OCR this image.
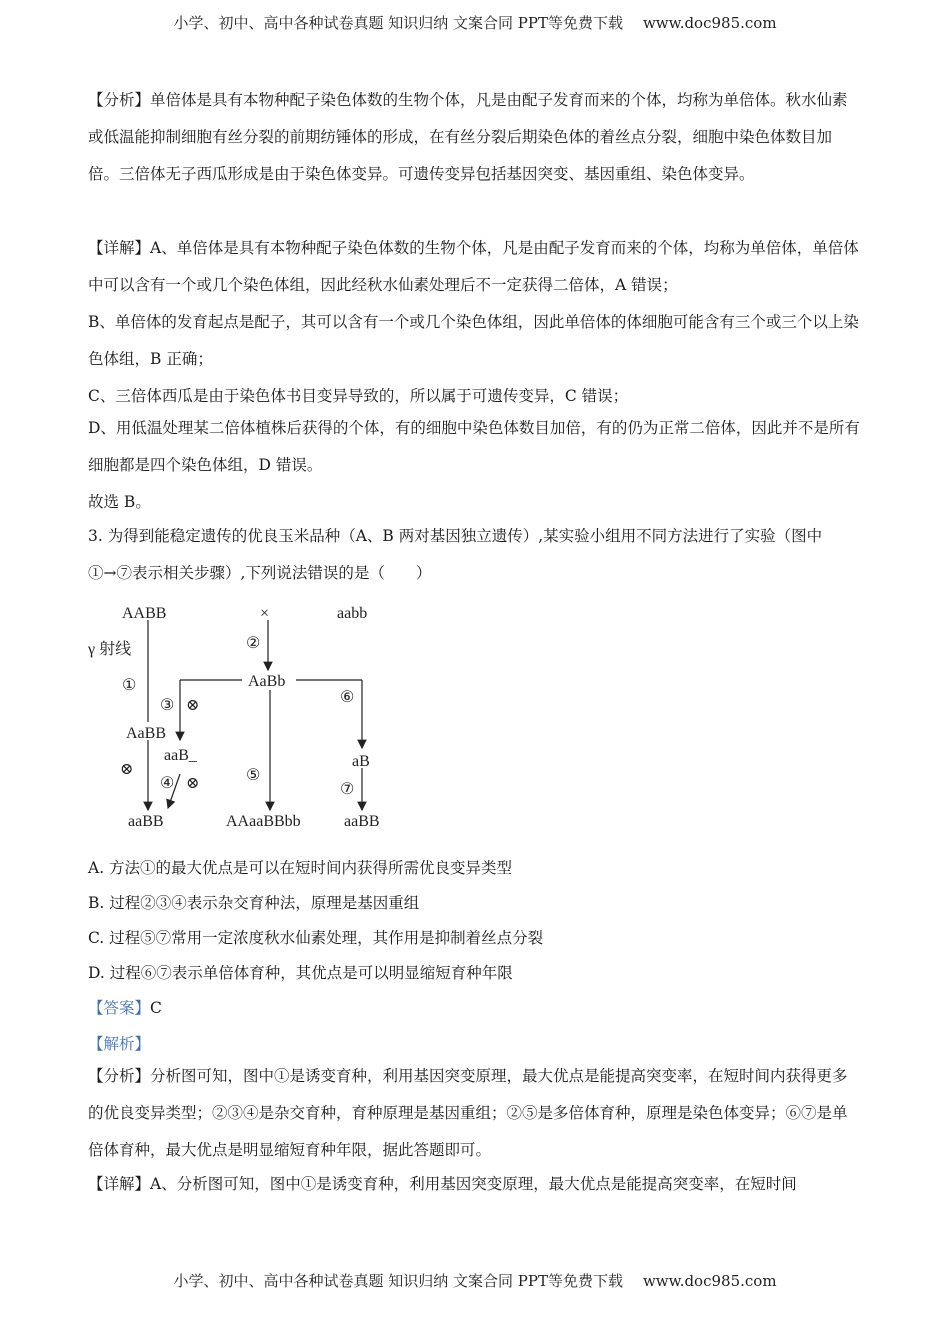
小学、初中、高中各种试卷真题 知识归纳 文案合同 PPT等免费下载 www.doc985.com
【分析】单倍体是具有本物种配子染色体数的生物个体，凡是由配子发育而来的个体，均称为单倍体。秋水仙素或低温能抑制细胞有丝分裂的前期纺锤体的形成，在有丝分裂后期染色体的着丝点分裂，细胞中染色体数目加倍。三倍体无子西瓜形成是由于染色体变异。可遗传变异包括基因突变、基因重组、染色体变异。
【详解】A、单倍体是具有本物种配子染色体数的生物个体，凡是由配子发育而来的个体，均称为单倍体，单倍体中可以含有一个或几个染色体组，因此经秋水仙素处理后不一定获得二倍体，A 错误；
B、单倍体的发育起点是配子，其可以含有一个或几个染色体组，因此单倍体的体细胞可能含有三个或三个以上染色体组，B 正确；
C、三倍体西瓜是由于染色体书目变异导致的，所以属于可遗传变异，C 错误；
D、用低温处理某二倍体植株后获得的个体，有的细胞中染色体数目加倍，有的仍为正常二倍体，因此并不是所有细胞都是四个染色体组，D 错误。
故选 B。
3. 为得到能稳定遗传的优良玉米品种（A、B 两对基因独立遗传）,某实验小组用不同方法进行了实验（图中①→⑦表示相关步骤）,下列说法错误的是（　　）
AABB	×	aabb
γ 射线	②
AaBb
①
③ ⊗	⑥
AaBB
aaB_	aB
⊗
④ ⊗	⑤
⑦
aaBB	AAaaBBbb	aaBB
A. 方法①的最大优点是可以在短时间内获得所需优良变异类型
B. 过程②③④表示杂交育种法，原理是基因重组
C. 过程⑤⑦常用一定浓度秋水仙素处理，其作用是抑制着丝点分裂
D. 过程⑥⑦表示单倍体育种，其优点是可以明显缩短育种年限
【答案】C
【解析】
【分析】分析图可知，图中①是诱变育种，利用基因突变原理，最大优点是能提高突变率，在短时间内获得更多的优良变异类型；②③④是杂交育种，育种原理是基因重组；②⑤是多倍体育种，原理是染色体变异；⑥⑦是单倍体育种，最大优点是明显缩短育种年限，据此答题即可。
【详解】A、分析图可知，图中①是诱变育种，利用基因突变原理，最大优点是能提高突变率，在短时间
小学、初中、高中各种试卷真题 知识归纳 文案合同 PPT等免费下载 www.doc985.com
